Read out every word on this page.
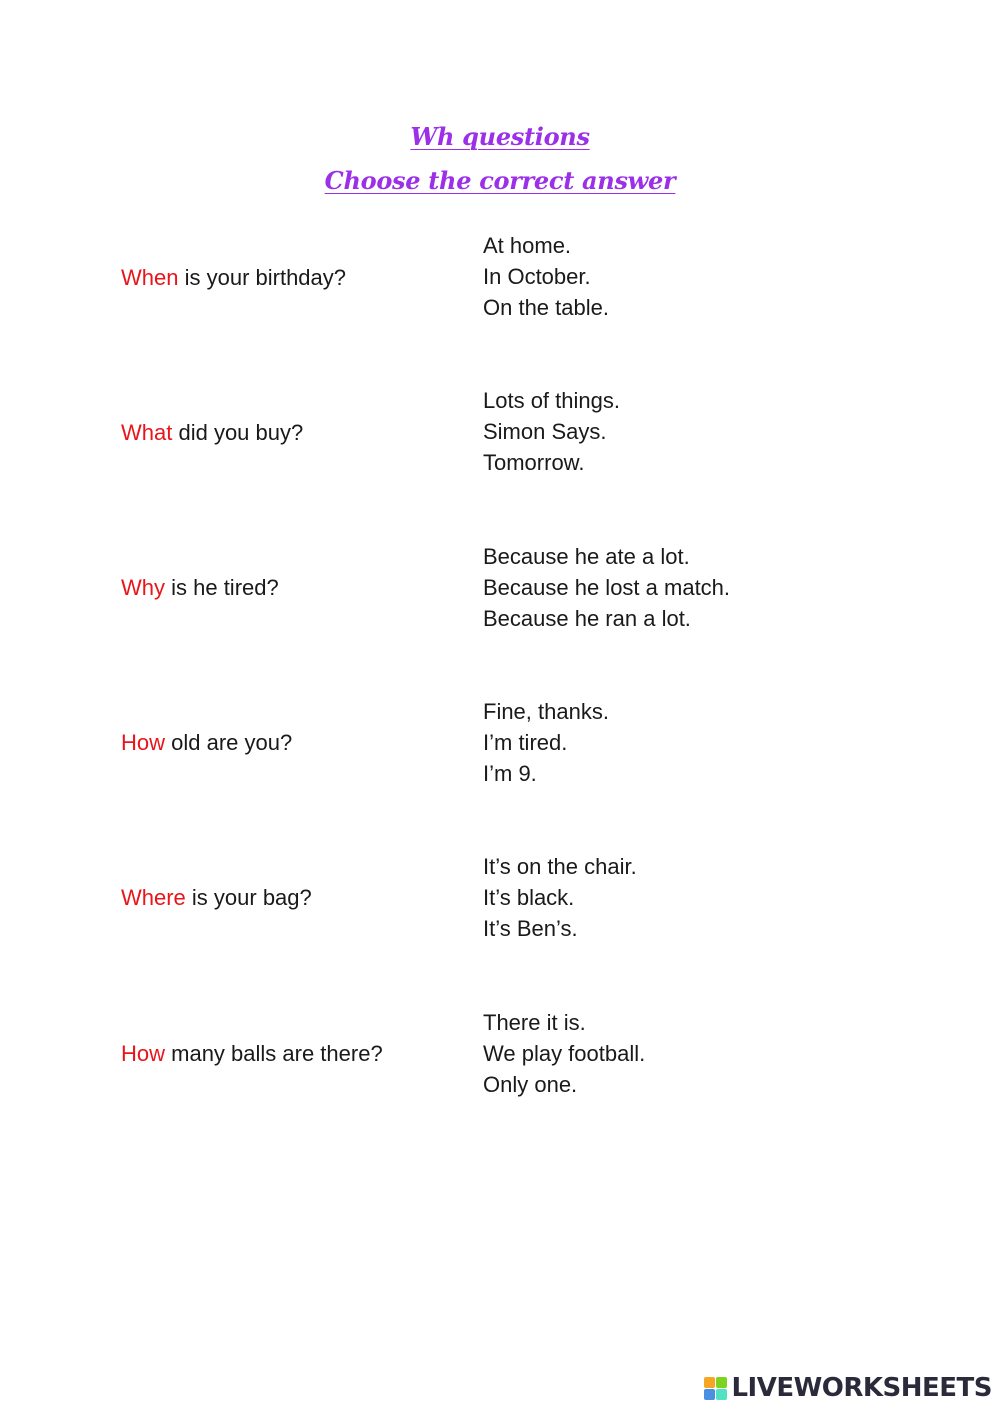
Wh questions
Choose the correct answer
When is your birthday?
At home.
In October.
On the table.
What did you buy?
Lots of things.
Simon Says.
Tomorrow.
Why is he tired?
Because he ate a lot.
Because he lost a match.
Because he ran a lot.
How old are you?
Fine, thanks.
I’m tired.
I’m 9.
Where is your bag?
It’s on the chair.
It’s black.
It’s Ben’s.
How many balls are there?
There it is.
We play football.
Only one.
LIVEWORKSHEETS
